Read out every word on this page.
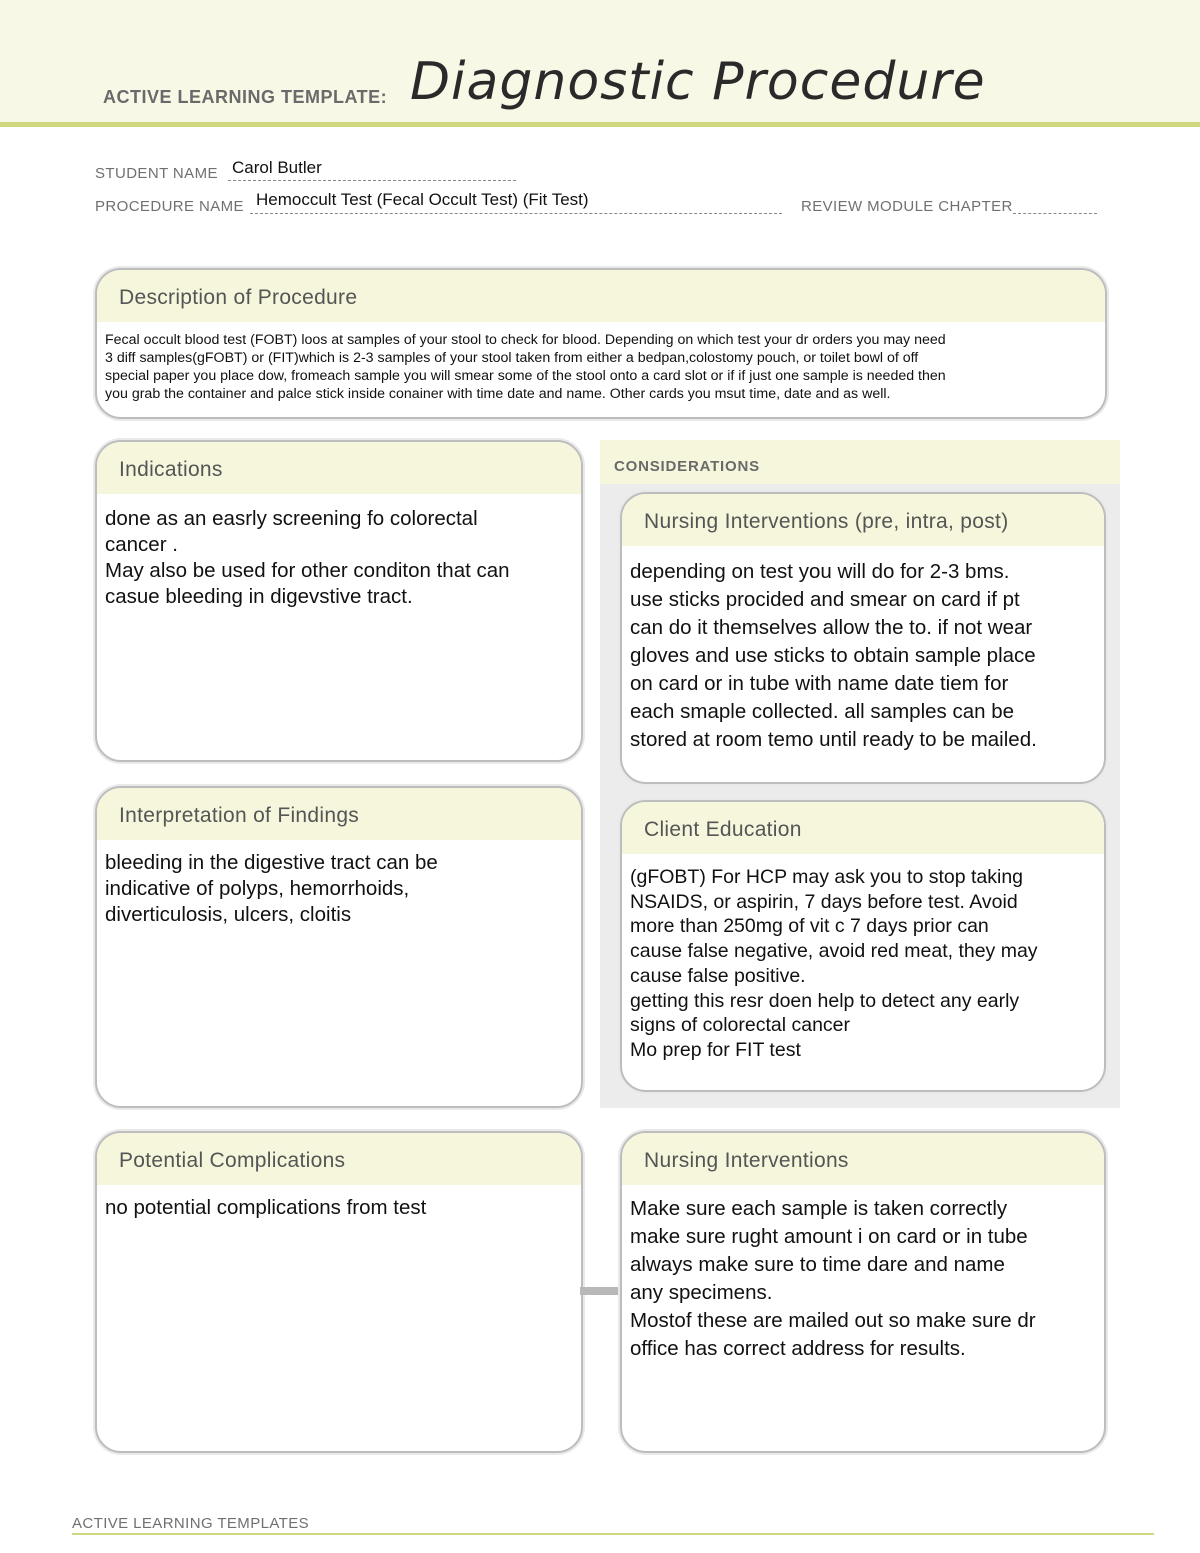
ACTIVE LEARNING TEMPLATE: Diagnostic Procedure
STUDENT NAME Carol Butler
PROCEDURE NAME Hemoccult Test (Fecal Occult Test) (Fit Test)	REVIEW MODULE CHAPTER
Description of Procedure
Fecal occult blood test (FOBT) loos at samples of your stool to check for blood. Depending on which test your dr orders you may need
3 diff samples(gFOBT) or (FIT)which is 2-3 samples of your stool taken from either a bedpan,colostomy pouch, or toilet bowl of off
special paper you place dow, fromeach sample you will smear some of the stool onto a card slot or if if just one sample is needed then
you grab the container and palce stick inside conainer with time date and name. Other cards you msut time, date and as well.
CONSIDERATIONS
Indications
done as an easrly screening fo colorectal
cancer .
May also be used for other conditon that can
casue bleeding in digevstive tract.
Nursing Interventions (pre, intra, post)
depending on test you will do for 2-3 bms.
use sticks procided and smear on card if pt
can do it themselves allow the to. if not wear
gloves and use sticks to obtain sample place
on card or in tube with name date tiem for
each smaple collected. all samples can be
stored at room temo until ready to be mailed.
Interpretation of Findings
bleeding in the digestive tract can be
indicative of polyps, hemorrhoids,
diverticulosis, ulcers, cloitis
Client Education
(gFOBT) For HCP may ask you to stop taking
NSAIDS, or aspirin, 7 days before test. Avoid
more than 250mg of vit c 7 days prior can
cause false negative, avoid red meat, they may
cause false positive.
getting this resr doen help to detect any early
signs of colorectal cancer
Mo prep for FIT test
Potential Complications
no potential complications from test
Nursing Interventions
Make sure each sample is taken correctly
make sure rught amount i on card or in tube
always make sure to time dare and name
any specimens.
Mostof these are mailed out so make sure dr
office has correct address for results.
ACTIVE LEARNING TEMPLATES
